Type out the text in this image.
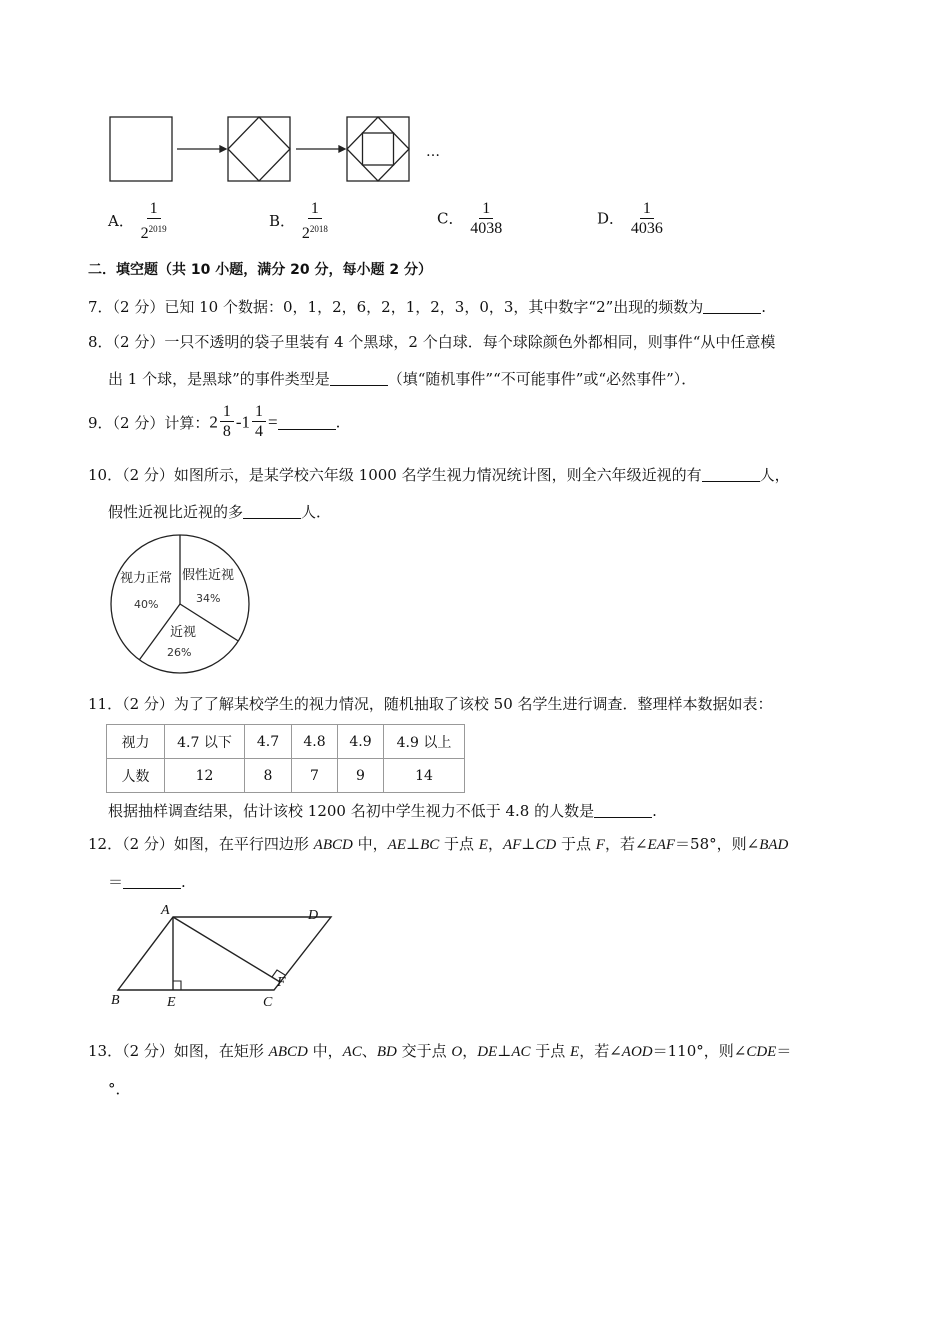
…
A． $\frac{1}{2^{2019}}$	B． $\frac{1}{2^{2018}}$	C． $\frac{1}{4038}$	D． $\frac{1}{4036}$
二．填空题（共 10 小题，满分 20 分，每小题 2 分）
7．（2 分）已知 10 个数据：0，1，2，6，2，1，2，3，0，3，其中数字“2”出现的频数为	.
8．（2 分）一只不透明的袋子里装有 4 个黑球，2 个白球．每个球除颜色外都相同，则事件“从中任意模
出 1 个球，是黑球”的事件类型是	（填“随机事件”“不可能事件”或“必然事件”）．
9．（2 分）计算：$2 \frac{1}{8} -1 \frac{1}{4}$ =	.
10．（2 分）如图所示，是某学校六年级 1000 名学生视力情况统计图，则全六年级近视的有	人，
假性近视比近视的多	人．
视力正常
40%
假性近视
34%
近视
26%
11．（2 分）为了了解某校学生的视力情况，随机抽取了该校 50 名学生进行调查．整理样本数据如表：
视力	4.7 以下	4.7	4.8	4.9	4.9 以上
人数	12	8	7	9	14
根据抽样调查结果，估计该校 1200 名初中学生视力不低于 4.8 的人数是	.
12．（2 分）如图，在平行四边形 ABCD 中，AE⊥BC 于点 E，AF⊥CD 于点 F，若∠EAF＝58°，则∠BAD
＝	.
A	D
B	E	C
F
13．（2 分）如图，在矩形 ABCD 中，AC、BD 交于点 O，DE⊥AC 于点 E，若∠AOD＝110°，则∠CDE＝
°．
